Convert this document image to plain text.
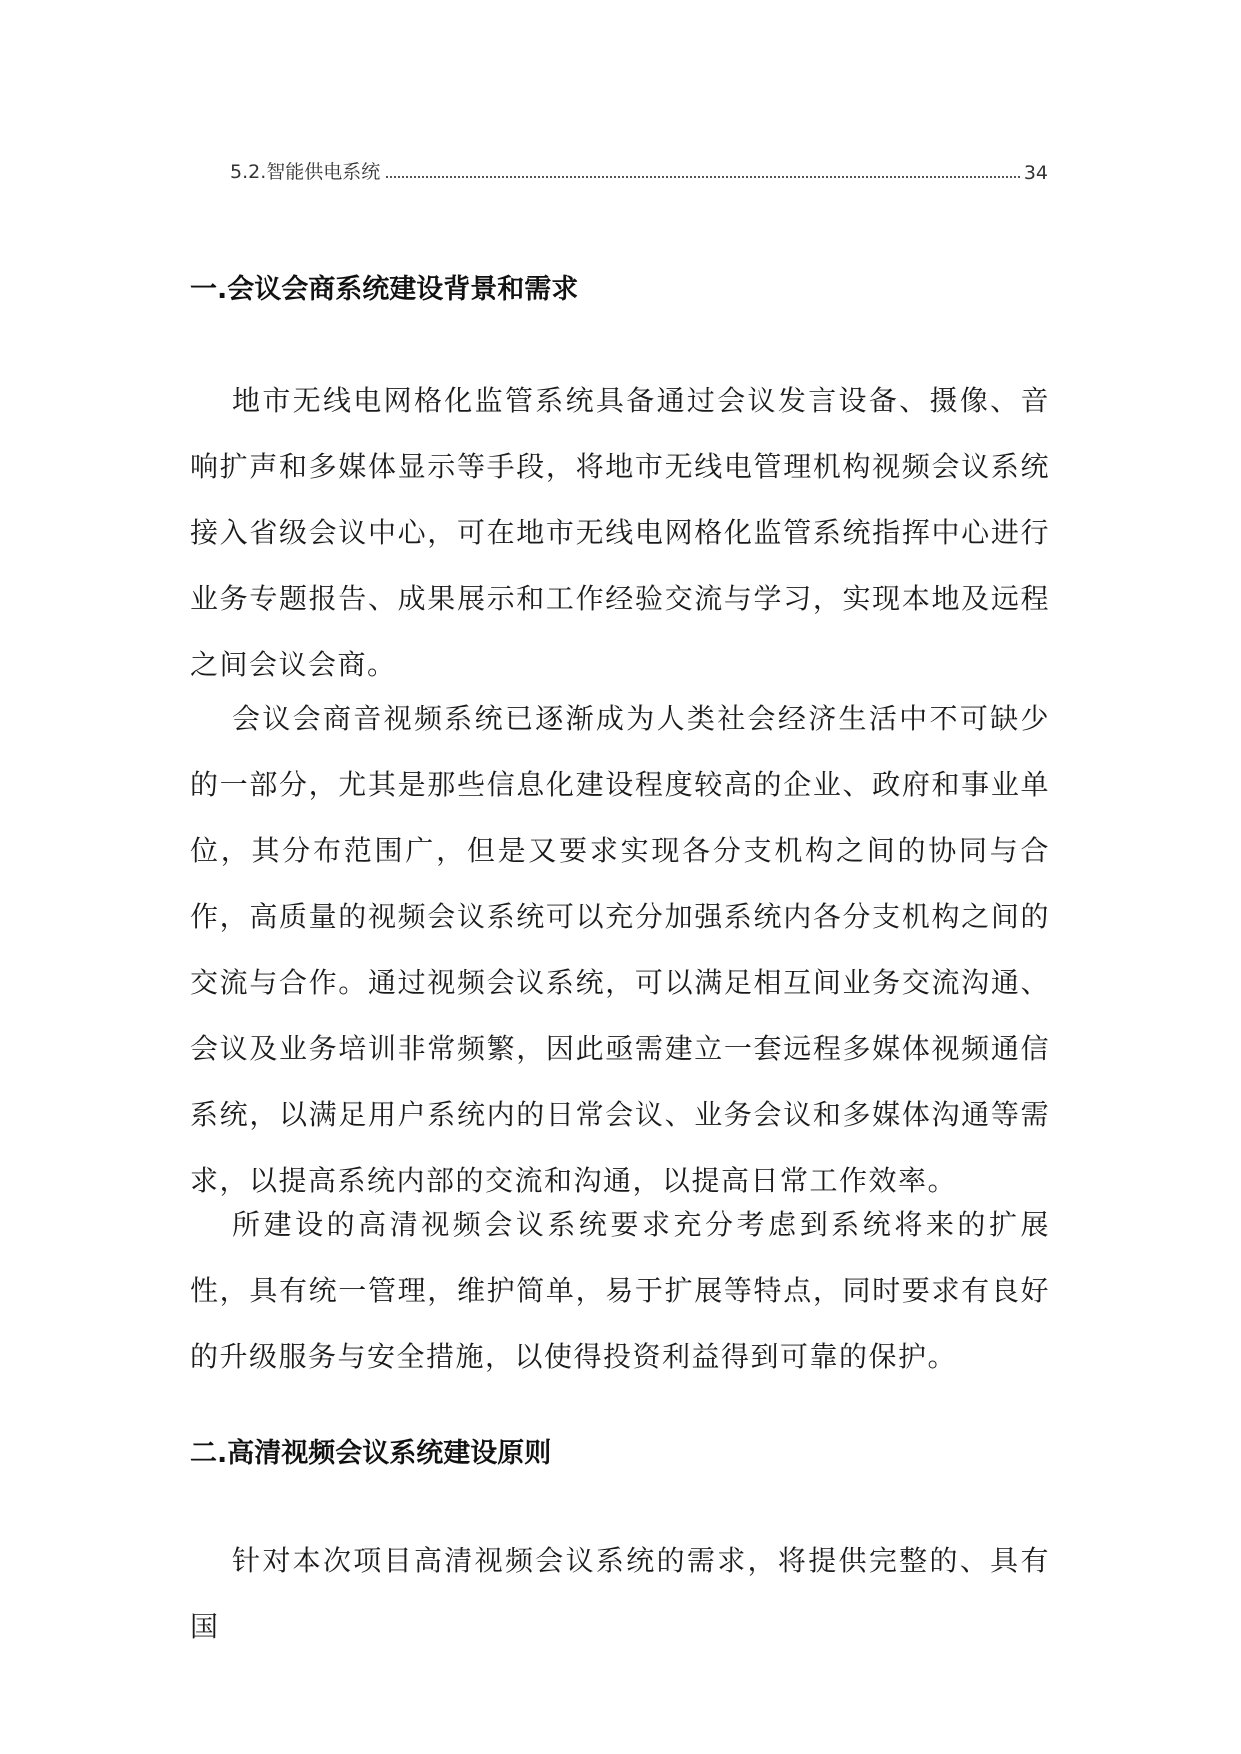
5.2.智能供电系统	34
一.会议会商系统建设背景和需求

地市无线电网格化监管系统具备通过会议发言设备、摄像、音响扩声和多媒体显示等手段，将地市无线电管理机构视频会议系统接入省级会议中心，可在地市无线电网格化监管系统指挥中心进行业务专题报告、成果展示和工作经验交流与学习，实现本地及远程之间会议会商。

会议会商音视频系统已逐渐成为人类社会经济生活中不可缺少的一部分，尤其是那些信息化建设程度较高的企业、政府和事业单位，其分布范围广，但是又要求实现各分支机构之间的协同与合作，高质量的视频会议系统可以充分加强系统内各分支机构之间的交流与合作。通过视频会议系统，可以满足相互间业务交流沟通、会议及业务培训非常频繁，因此亟需建立一套远程多媒体视频通信系统，以满足用户系统内的日常会议、业务会议和多媒体沟通等需求，以提高系统内部的交流和沟通，以提高日常工作效率。

所建设的高清视频会议系统要求充分考虑到系统将来的扩展性，具有统一管理，维护简单，易于扩展等特点，同时要求有良好的升级服务与安全措施，以使得投资利益得到可靠的保护。

二.高清视频会议系统建设原则

针对本次项目高清视频会议系统的需求，将提供完整的、具有国
